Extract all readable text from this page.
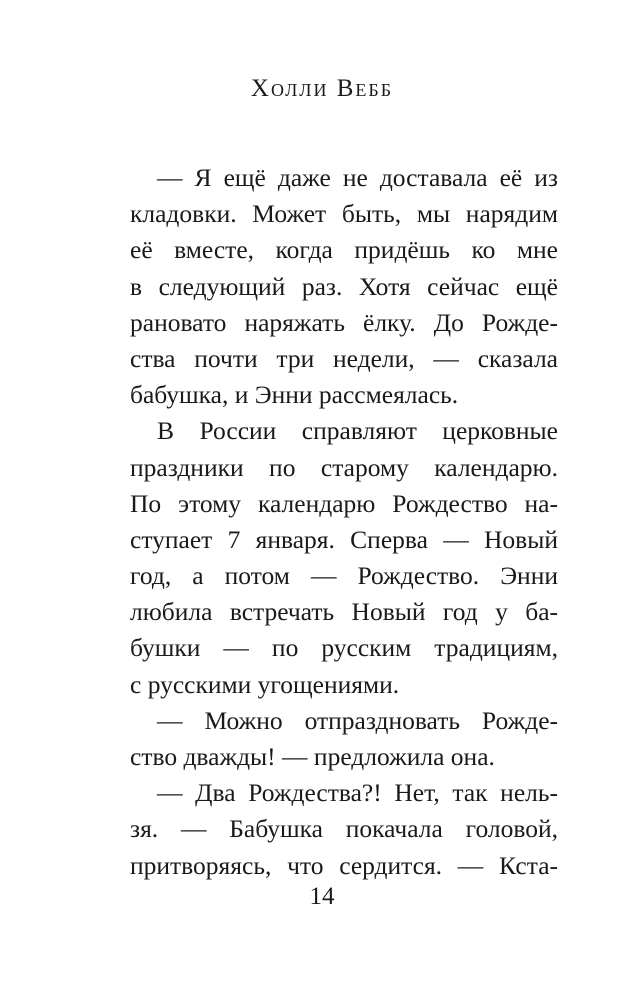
Холли Вебб
— Я ещё даже не доставала её из
кладовки. Может быть, мы нарядим
её вместе, когда придёшь ко мне
в следующий раз. Хотя сейчас ещё
рановато наряжать ёлку. До Рожде-
ства почти три недели, — сказала
бабушка, и Энни рассмеялась.
В России справляют церковные
праздники по старому календарю.
По этому календарю Рождество на-
ступает 7 января. Сперва — Новый
год, а потом — Рождество. Энни
любила встречать Новый год у ба-
бушки — по русским традициям,
с русскими угощениями.
— Можно отпраздновать Рожде-
ство дважды! — предложила она.
— Два Рождества?! Нет, так нель-
зя. — Бабушка покачала головой,
притворяясь, что сердится. — Кста-
14
